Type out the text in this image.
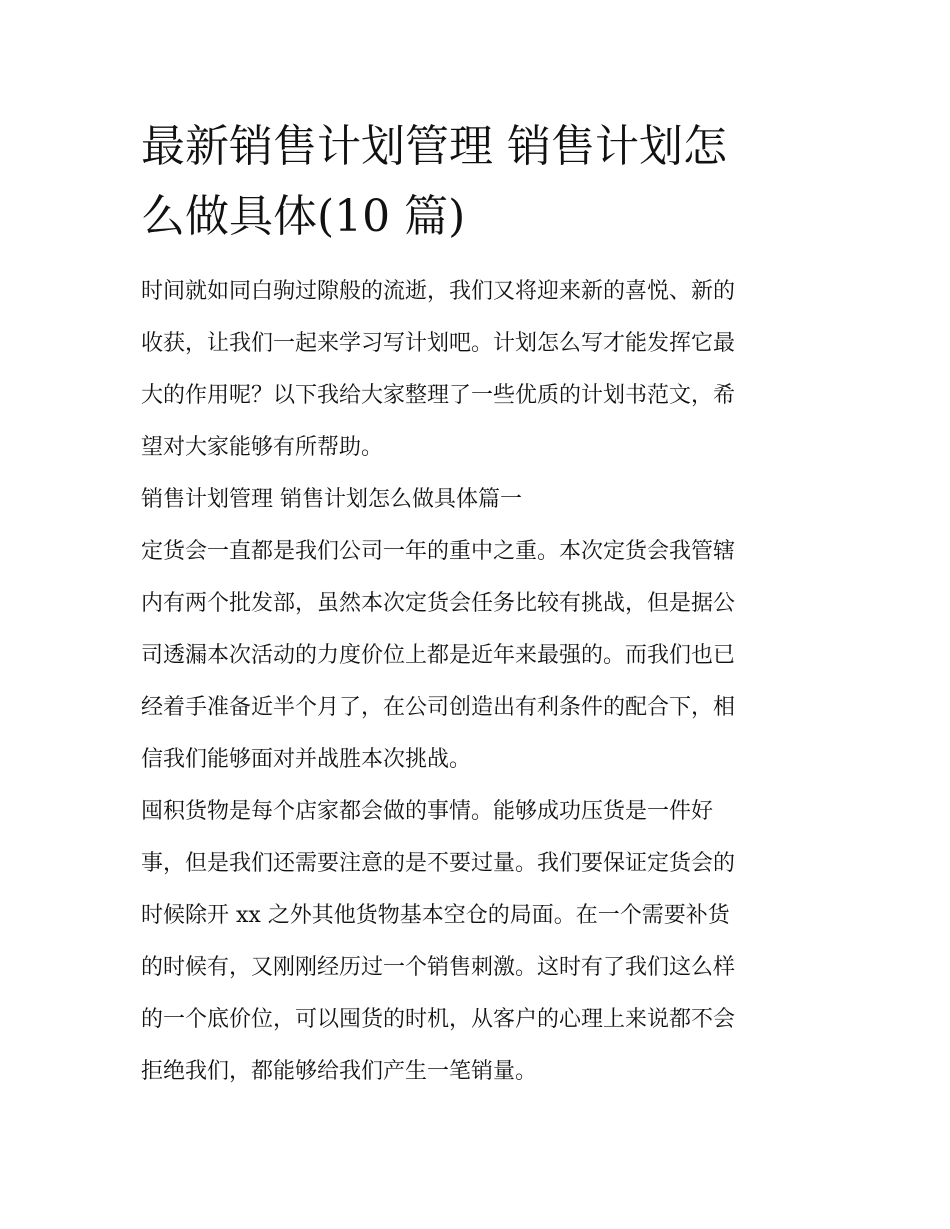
最新销售计划管理 销售计划怎
么做具体(10 篇)

时间就如同白驹过隙般的流逝，我们又将迎来新的喜悦、新的
收获，让我们一起来学习写计划吧。计划怎么写才能发挥它最
大的作用呢？以下我给大家整理了一些优质的计划书范文，希
望对大家能够有所帮助。

销售计划管理 销售计划怎么做具体篇一

定货会一直都是我们公司一年的重中之重。本次定货会我管辖
内有两个批发部，虽然本次定货会任务比较有挑战，但是据公
司透漏本次活动的力度价位上都是近年来最强的。而我们也已
经着手准备近半个月了，在公司创造出有利条件的配合下，相
信我们能够面对并战胜本次挑战。

囤积货物是每个店家都会做的事情。能够成功压货是一件好
事，但是我们还需要注意的是不要过量。我们要保证定货会的
时候除开 xx 之外其他货物基本空仓的局面。在一个需要补货
的时候有，又刚刚经历过一个销售刺激。这时有了我们这么样
的一个底价位，可以囤货的时机，从客户的心理上来说都不会
拒绝我们，都能够给我们产生一笔销量。
